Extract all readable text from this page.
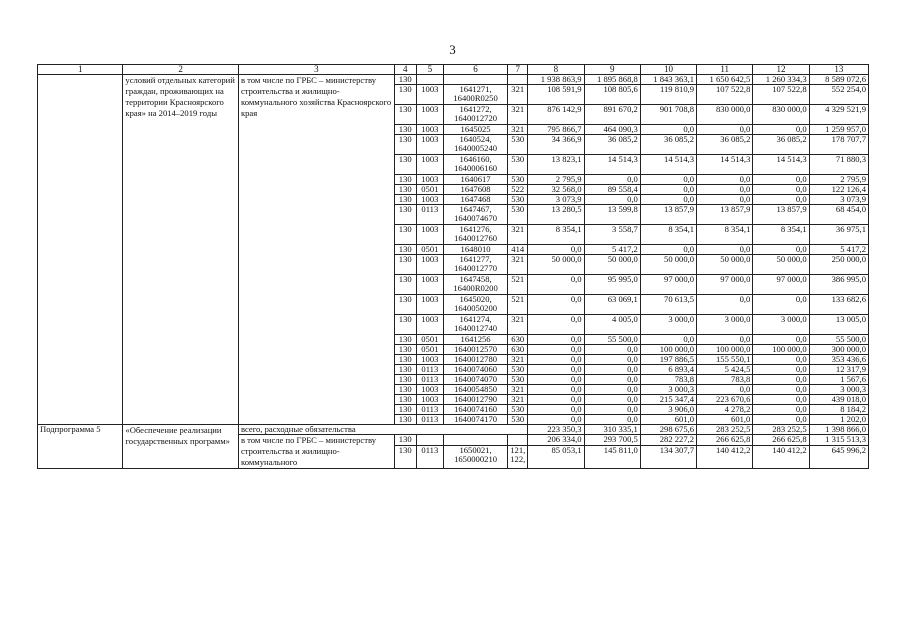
3
1	2	3	4	5	6	7	8	9	10	11	12	13
	условий отдельных категорий граждан, проживающих на территории Красноярского края» на 2014–2019 годы	в том числе по ГРБС – министерству строительства и жилищно-коммунального хозяйства Красноярского края	130				1 938 863,9	1 895 868,8	1 843 363,1	1 650 642,5	1 260 334,3	8 589 072,6
			130	1003	1641271, 16400R0250	321	108 591,9	108 805,6	119 810,9	107 522,8	107 522,8	552 254,0
			130	1003	1641272, 1640012720	321	876 142,9	891 670,2	901 708,8	830 000,0	830 000,0	4 329 521,9
			130	1003	1645025	321	795 866,7	464 090,3	0,0	0,0	0,0	1 259 957,0
			130	1003	1640524, 1640005240	530	34 366,9	36 085,2	36 085,2	36 085,2	36 085,2	178 707,7
			130	1003	1646160, 1640006160	530	13 823,1	14 514,3	14 514,3	14 514,3	14 514,3	71 880,3
			130	1003	1640617	530	2 795,9	0,0	0,0	0,0	0,0	2 795,9
			130	0501	1647608	522	32 568,0	89 558,4	0,0	0,0	0,0	122 126,4
			130	1003	1647468	530	3 073,9	0,0	0,0	0,0	0,0	3 073,9
			130	0113	1647467, 1640074670	530	13 280,5	13 599,8	13 857,9	13 857,9	13 857,9	68 454,0
			130	1003	1641276, 1640012760	321	8 354,1	3 558,7	8 354,1	8 354,1	8 354,1	36 975,1
			130	0501	1648010	414	0,0	5 417,2	0,0	0,0	0,0	5 417,2
			130	1003	1641277, 1640012770	321	50 000,0	50 000,0	50 000,0	50 000,0	50 000,0	250 000,0
			130	1003	1647458, 16400R0200	521	0,0	95 995,0	97 000,0	97 000,0	97 000,0	386 995,0
			130	1003	1645020, 1640050200	521	0,0	63 069,1	70 613,5	0,0	0,0	133 682,6
			130	1003	1641274, 1640012740	321	0,0	4 005,0	3 000,0	3 000,0	3 000,0	13 005,0
			130	0501	1641256	630	0,0	55 500,0	0,0	0,0	0,0	55 500,0
			130	0501	1640012570	630	0,0	0,0	100 000,0	100 000,0	100 000,0	300 000,0
			130	1003	1640012780	321	0,0	0,0	197 886,5	155 550,1	0,0	353 436,6
			130	0113	1640074060	530	0,0	0,0	6 893,4	5 424,5	0,0	12 317,9
			130	0113	1640074070	530	0,0	0,0	783,8	783,8	0,0	1 567,6
			130	1003	1640054850	321	0,0	0,0	3 000,3	0,0	0,0	3 000,3
			130	1003	1640012790	321	0,0	0,0	215 347,4	223 670,6	0,0	439 018,0
			130	0113	1640074160	530	0,0	0,0	3 906,0	4 278,2	0,0	8 184,2
			130	0113	1640074170	530	0,0	0,0	601,0	601,0	0,0	1 202,0
Подпрограмма 5	«Обеспечение реализации государственных программ»	всего, расходные обязательства					223 350,3	310 335,1	298 675,6	283 252,5	283 252,5	1 398 866,0
		в том числе по ГРБС – министерству строительства и жилищно-коммунального	130				206 334,0	293 700,5	282 227,2	266 625,8	266 625,8	1 315 513,3
			130	0113	1650021, 1650000210	121, 122,	85 053,1	145 811,0	134 307,7	140 412,2	140 412,2	645 996,2
